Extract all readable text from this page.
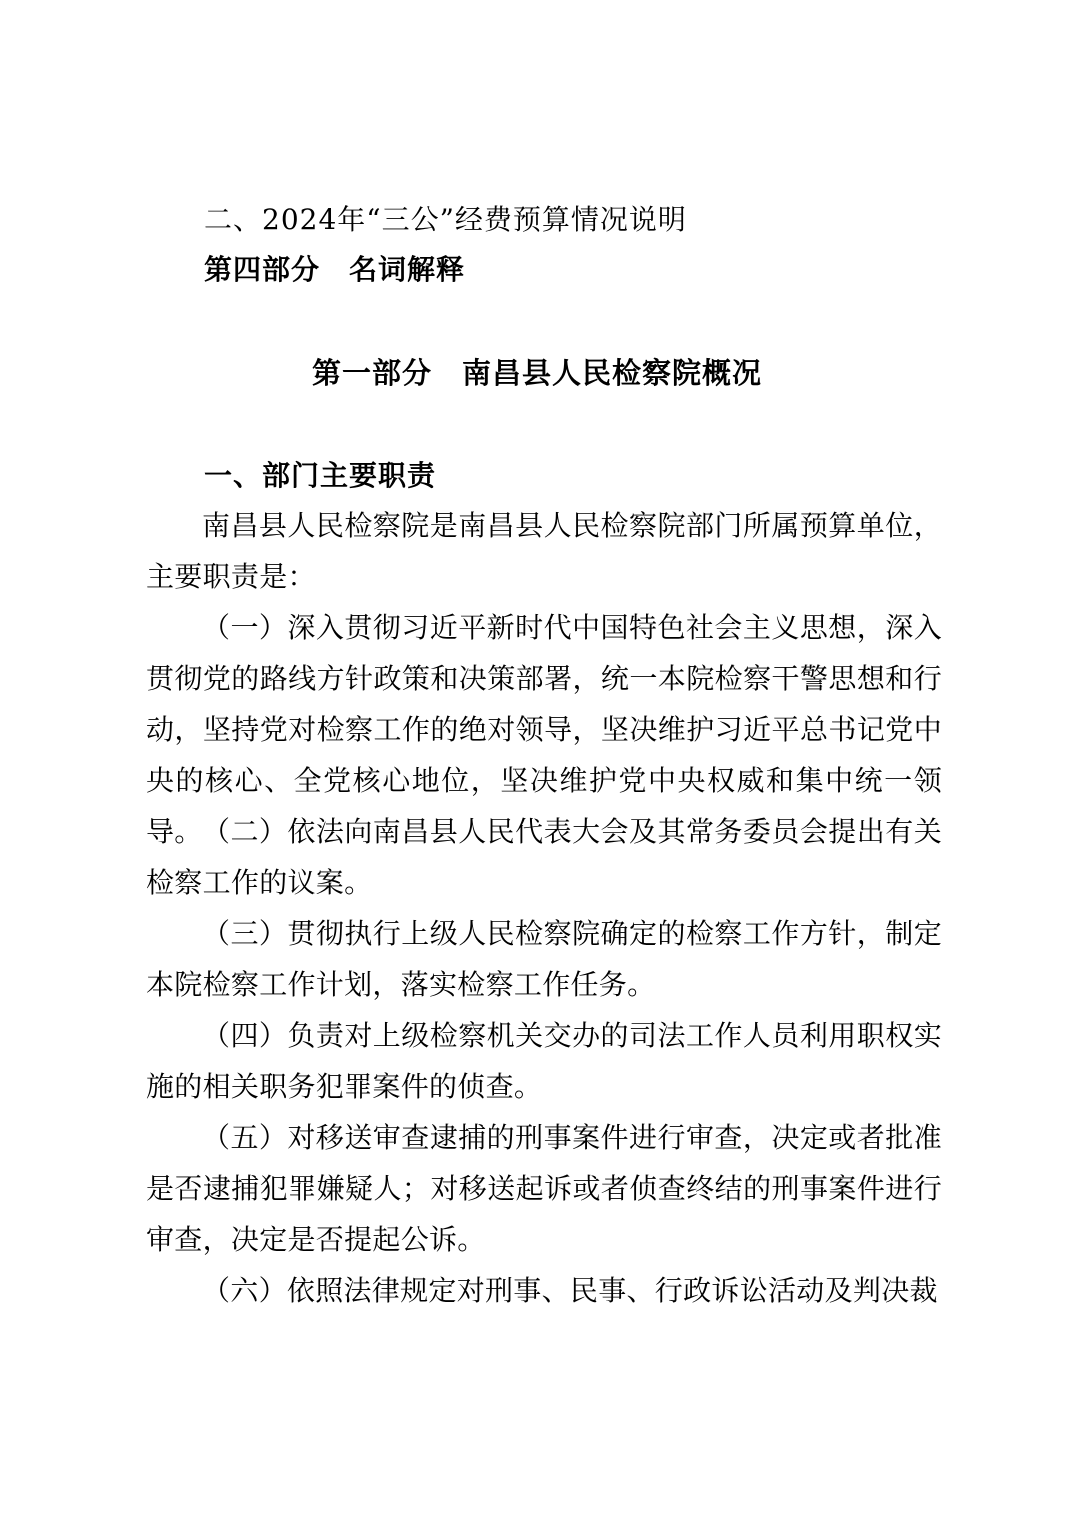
二、2024年“三公”经费预算情况说明
第四部分　名词解释
第一部分　南昌县人民检察院概况
一、部门主要职责
南昌县人民检察院是南昌县人民检察院部门所属预算单位，主要职责是：
（一）深入贯彻习近平新时代中国特色社会主义思想，深入贯彻党的路线方针政策和决策部署，统一本院检察干警思想和行动，坚持党对检察工作的绝对领导，坚决维护习近平总书记党中央的核心、全党核心地位，坚决维护党中央权威和集中统一领导。 （二）依法向南昌县人民代表大会及其常务委员会提出有关检察工作的议案。
（三）贯彻执行上级人民检察院确定的检察工作方针，制定本院检察工作计划，落实检察工作任务。
（四）负责对上级检察机关交办的司法工作人员利用职权实施的相关职务犯罪案件的侦查。
（五）对移送审查逮捕的刑事案件进行审查，决定或者批准是否逮捕犯罪嫌疑人；对移送起诉或者侦查终结的刑事案件进行审查，决定是否提起公诉。
（六）依照法律规定对刑事、民事、行政诉讼活动及判决裁
